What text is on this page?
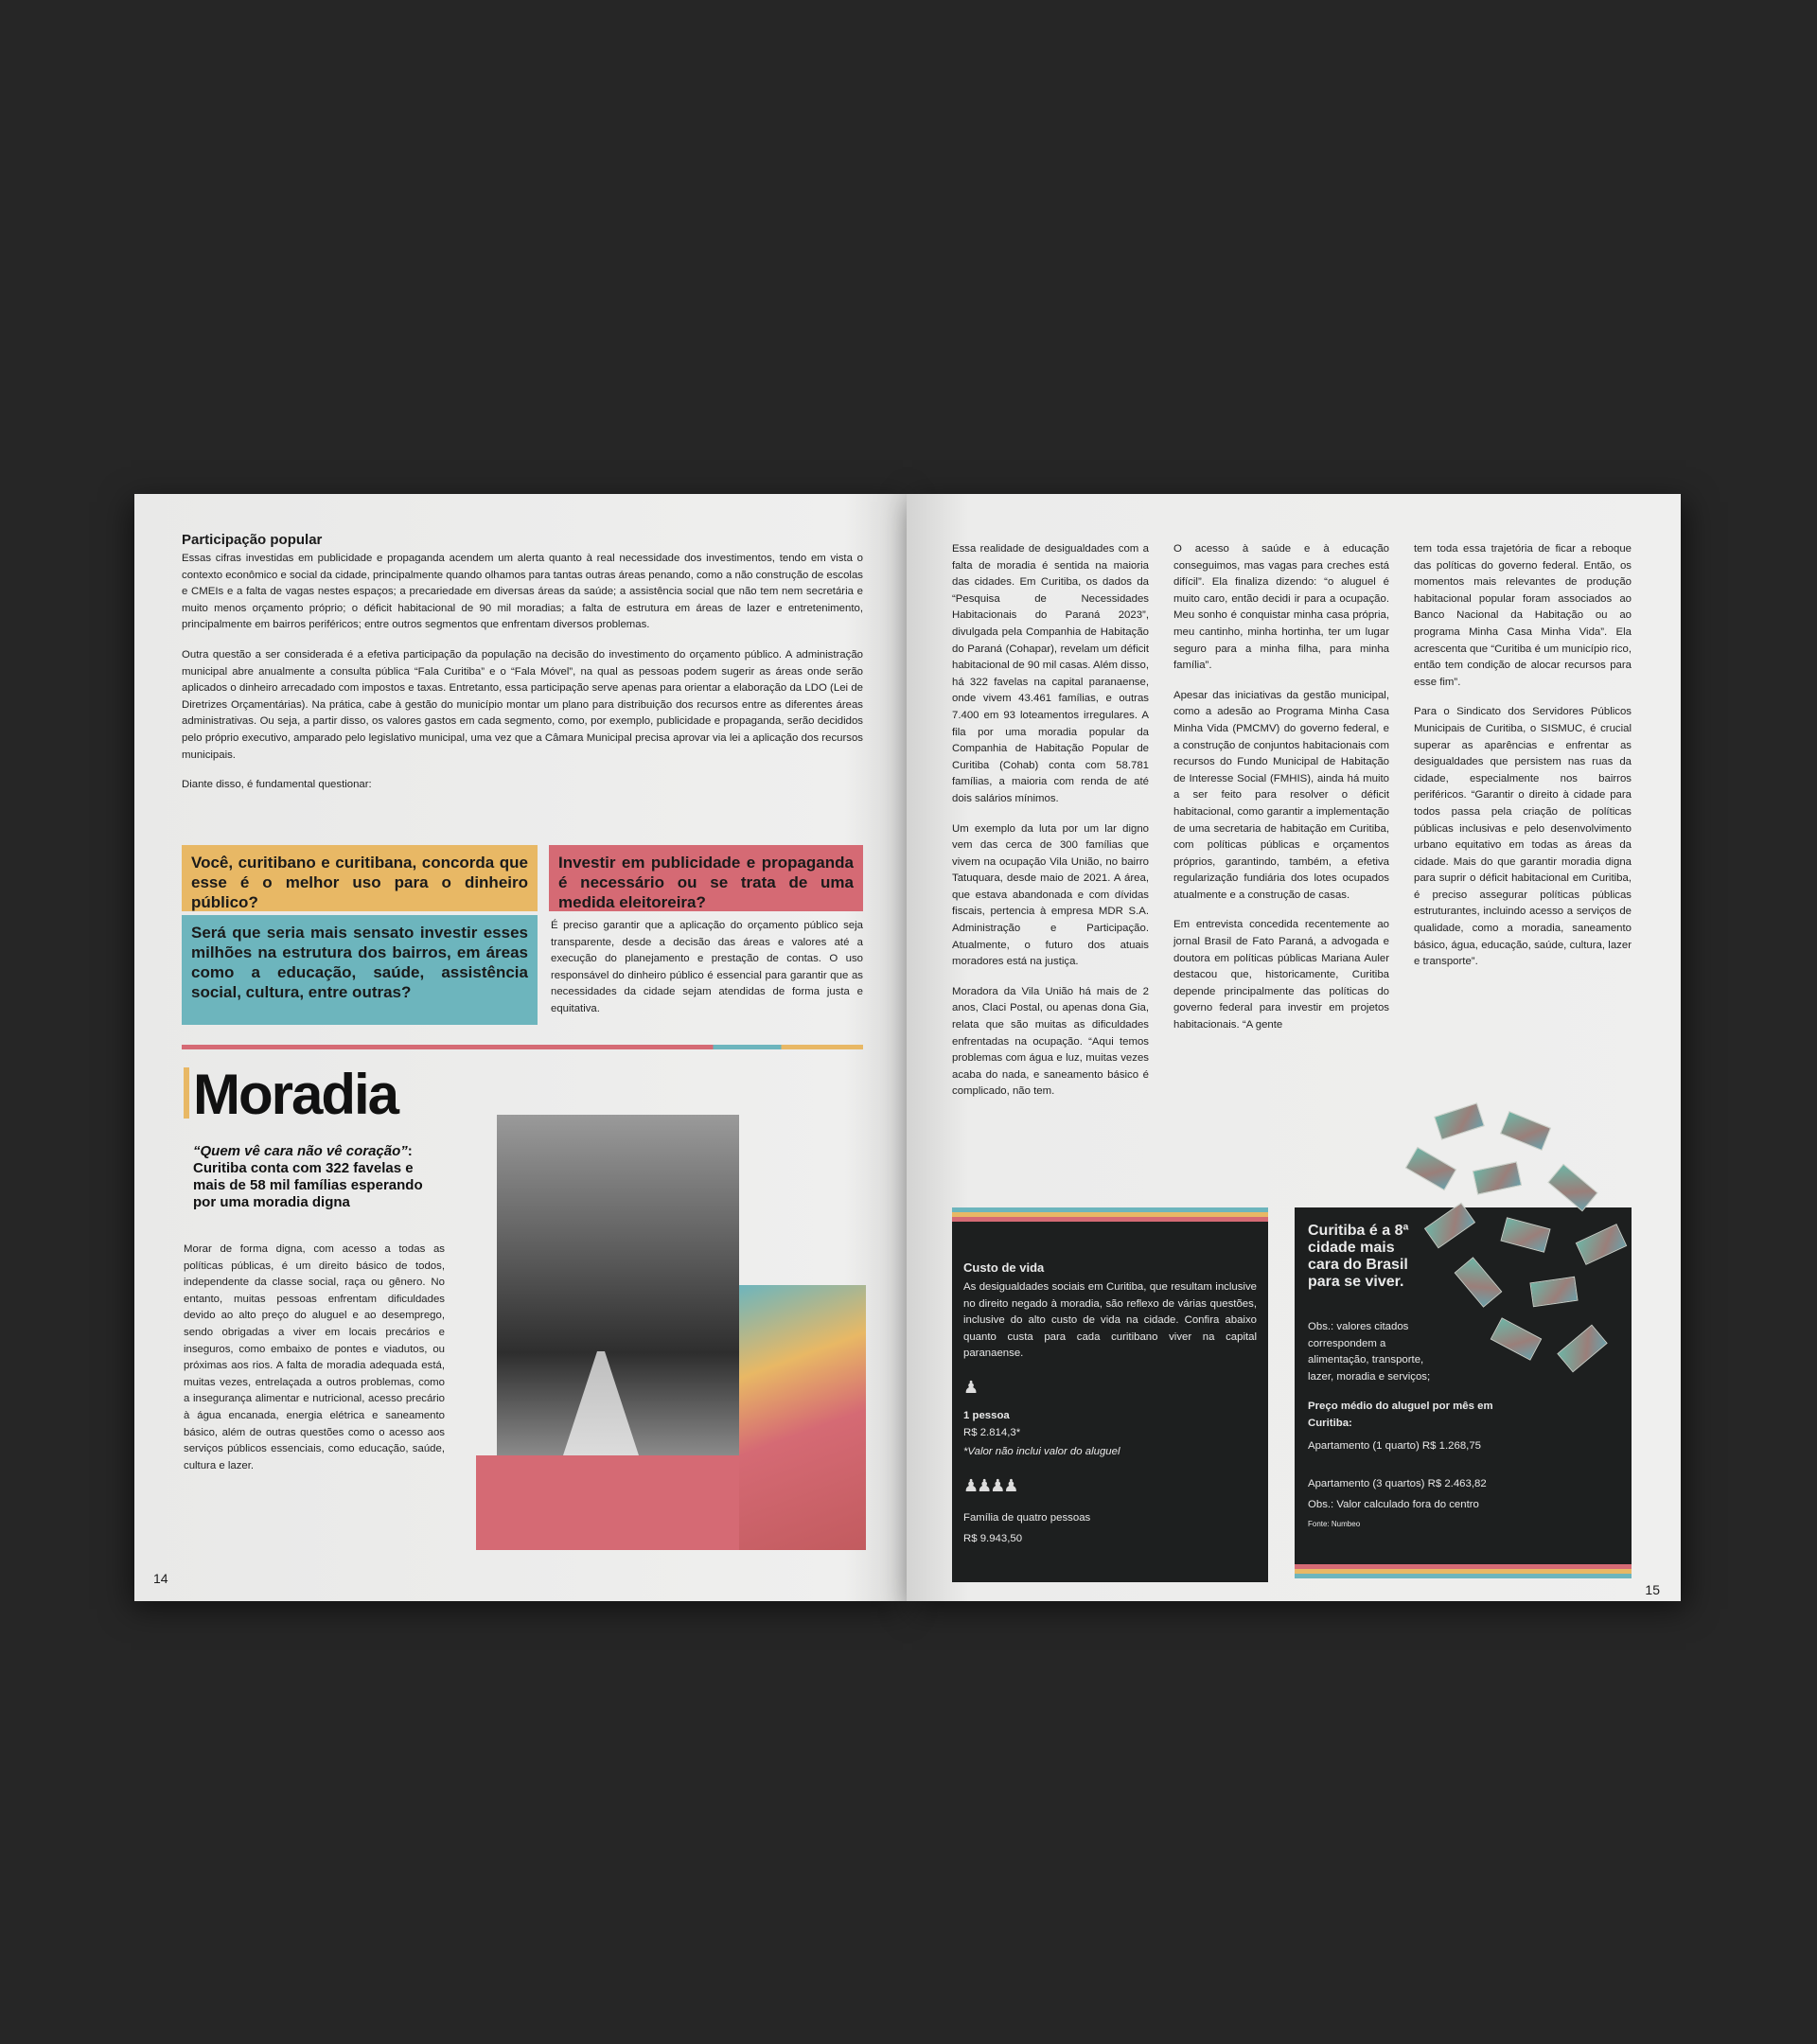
Participação popular

Essas cifras investidas em publicidade e propaganda acendem um alerta quanto à real necessidade dos investimentos, tendo em vista o contexto econômico e social da cidade, principalmente quando olhamos para tantas outras áreas penando, como a não construção de escolas e CMEIs e a falta de vagas nestes espaços; a precariedade em diversas áreas da saúde; a assistência social que não tem nem secretária e muito menos orçamento próprio; o déficit habitacional de 90 mil moradias; a falta de estrutura em áreas de lazer e entretenimento, principalmente em bairros periféricos; entre outros segmentos que enfrentam diversos problemas.

Outra questão a ser considerada é a efetiva participação da população na decisão do investimento do orçamento público. A administração municipal abre anualmente a consulta pública “Fala Curitiba” e o “Fala Móvel”, na qual as pessoas podem sugerir as áreas onde serão aplicados o dinheiro arrecadado com impostos e taxas. Entretanto, essa participação serve apenas para orientar a elaboração da LDO (Lei de Diretrizes Orçamentárias). Na prática, cabe à gestão do município montar um plano para distribuição dos recursos entre as diferentes áreas administrativas. Ou seja, a partir disso, os valores gastos em cada segmento, como, por exemplo, publicidade e propaganda, serão decididos pelo próprio executivo, amparado pelo legislativo municipal, uma vez que a Câmara Municipal precisa aprovar via lei a aplicação dos recursos municipais.

Diante disso, é fundamental questionar:

Você, curitibano e curitibana, concorda que esse é o melhor uso para o dinheiro público?
Investir em publicidade e propaganda é necessário ou se trata de uma medida eleitoreira?
Será que seria mais sensato investir esses milhões na estrutura dos bairros, em áreas como a educação, saúde, assistência social, cultura, entre outras?
É preciso garantir que a aplicação do orçamento público seja transparente, desde a decisão das áreas e valores até a execução do planejamento e prestação de contas. O uso responsável do dinheiro público é essencial para garantir que as necessidades da cidade sejam atendidas de forma justa e equitativa.
Moradia
“Quem vê cara não vê coração”: Curitiba conta com 322 favelas e mais de 58 mil famílias esperando por uma moradia digna
Morar de forma digna, com acesso a todas as políticas públicas, é um direito básico de todos, independente da classe social, raça ou gênero. No entanto, muitas pessoas enfrentam dificuldades devido ao alto preço do aluguel e ao desemprego, sendo obrigadas a viver em locais precários e inseguros, como embaixo de pontes e viadutos, ou próximas aos rios. A falta de moradia adequada está, muitas vezes, entrelaçada a outros problemas, como a insegurança alimentar e nutricional, acesso precário à água encanada, energia elétrica e saneamento básico, além de outras questões como o acesso aos serviços públicos essenciais, como educação, saúde, cultura e lazer.
14

Essa realidade de desigualdades com a falta de moradia é sentida na maioria das cidades. Em Curitiba, os dados da “Pesquisa de Necessidades Habitacionais do Paraná 2023”, divulgada pela Companhia de Habitação do Paraná (Cohapar), revelam um déficit habitacional de 90 mil casas. Além disso, há 322 favelas na capital paranaense, onde vivem 43.461 famílias, e outras 7.400 em 93 loteamentos irregulares. A fila por uma moradia popular da Companhia de Habitação Popular de Curitiba (Cohab) conta com 58.781 famílias, a maioria com renda de até dois salários mínimos.

Um exemplo da luta por um lar digno vem das cerca de 300 famílias que vivem na ocupação Vila União, no bairro Tatuquara, desde maio de 2021. A área, que estava abandonada e com dívidas fiscais, pertencia à empresa MDR S.A. Administração e Participação. Atualmente, o futuro dos atuais moradores está na justiça.

Moradora da Vila União há mais de 2 anos, Claci Postal, ou apenas dona Gia, relata que são muitas as dificuldades enfrentadas na ocupação. “Aqui temos problemas com água e luz, muitas vezes acaba do nada, e saneamento básico é complicado, não tem.

O acesso à saúde e à educação conseguimos, mas vagas para creches está difícil”. Ela finaliza dizendo: “o aluguel é muito caro, então decidi ir para a ocupação. Meu sonho é conquistar minha casa própria, meu cantinho, minha hortinha, ter um lugar seguro para a minha filha, para minha família”.

Apesar das iniciativas da gestão municipal, como a adesão ao Programa Minha Casa Minha Vida (PMCMV) do governo federal, e a construção de conjuntos habitacionais com recursos do Fundo Municipal de Habitação de Interesse Social (FMHIS), ainda há muito a ser feito para resolver o déficit habitacional, como garantir a implementação de uma secretaria de habitação em Curitiba, com políticas públicas e orçamentos próprios, garantindo, também, a efetiva regularização fundiária dos lotes ocupados atualmente e a construção de casas.

Em entrevista concedida recentemente ao jornal Brasil de Fato Paraná, a advogada e doutora em políticas públicas Mariana Auler destacou que, historicamente, Curitiba depende principalmente das políticas do governo federal para investir em projetos habitacionais. “A gente

tem toda essa trajetória de ficar a reboque das políticas do governo federal. Então, os momentos mais relevantes de produção habitacional popular foram associados ao Banco Nacional da Habitação ou ao programa Minha Casa Minha Vida”. Ela acrescenta que “Curitiba é um município rico, então tem condição de alocar recursos para esse fim”.

Para o Sindicato dos Servidores Públicos Municipais de Curitiba, o SISMUC, é crucial superar as aparências e enfrentar as desigualdades que persistem nas ruas da cidade, especialmente nos bairros periféricos. “Garantir o direito à cidade para todos passa pela criação de políticas públicas inclusivas e pelo desenvolvimento urbano equitativo em todas as áreas da cidade. Mais do que garantir moradia digna para suprir o déficit habitacional em Curitiba, é preciso assegurar políticas públicas estruturantes, incluindo acesso a serviços de qualidade, como a moradia, saneamento básico, água, educação, saúde, cultura, lazer e transporte”.

Custo de vida
As desigualdades sociais em Curitiba, que resultam inclusive no direito negado à moradia, são reflexo de várias questões, inclusive do alto custo de vida na cidade. Confira abaixo quanto custa para cada curitibano viver na capital paranaense.
♟
1 pessoa
R$ 2.814,3*
*Valor não inclui valor do aluguel
♟♟♟♟
Família de quatro pessoas
R$ 9.943,50
Curitiba é a 8ª cidade mais cara do Brasil para se viver.
Obs.: valores citados correspondem a alimentação, transporte, lazer, moradia e serviços;
Preço médio do aluguel por mês em Curitiba:
Apartamento (1 quarto) R$ 1.268,75
Apartamento (3 quartos) R$ 2.463,82
Obs.: Valor calculado fora do centro
Fonte: Numbeo
15
